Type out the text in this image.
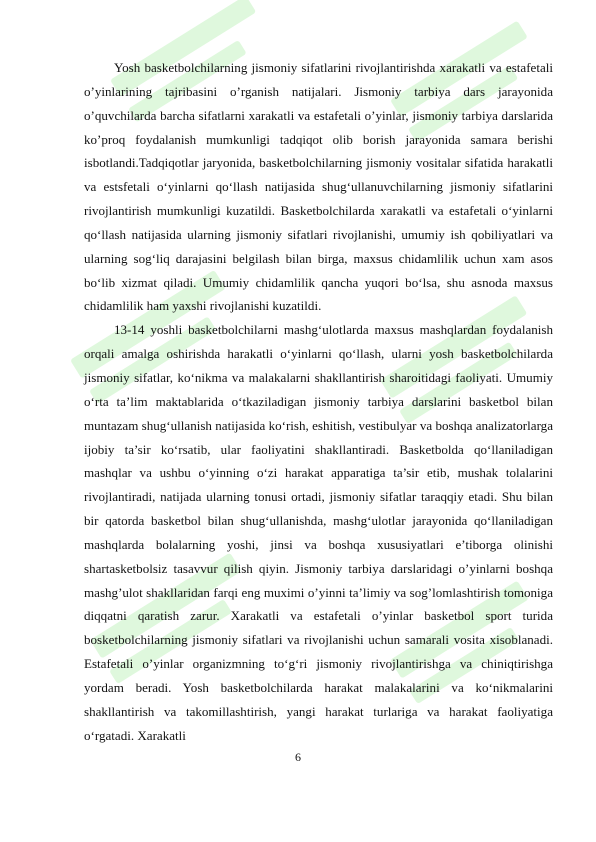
Yosh basketbolchilarning jismoniy sifatlarini rivojlantirishda xarakatli va estafetali o’yinlarining tajribasini o’rganish natijalari. Jismoniy tarbiya dars jarayonida o’quvchilarda barcha sifatlarni xarakatli va estafetali o’yinlar, jismoniy tarbiya darslarida ko’proq foydalanish mumkunligi tadqiqot olib borish jarayonida samara berishi isbotlandi.Tadqiqotlar jaryonida, basketbolchilarning jismoniy vositalar sifatida harakatli va estsfetali o‘yinlarni qo‘llash natijasida shug‘ullanuvchilarning jismoniy sifatlarini rivojlantirish mumkunligi kuzatildi. Basketbolchilarda xarakatli va estafetali o‘yinlarni qo‘llash natijasida ularning jismoniy sifatlari rivojlanishi, umumiy ish qobiliyatlari va ularning sog‘liq darajasini belgilash bilan birga, maxsus chidamlilik uchun xam asos bo‘lib xizmat qiladi. Umumiy chidamlilik qancha yuqori bo‘lsa, shu asnoda maxsus chidamlilik ham yaxshi rivojlanishi kuzatildi.

13-14 yoshli basketbolchilarni mashg‘ulotlarda maxsus mashqlardan foydalanish orqali amalga oshirishda harakatli o‘yinlarni qo‘llash, ularni yosh basketbolchilarda jismoniy sifatlar, ko‘nikma va malakalarni shakllantirish sharoitidagi faoliyati. Umumiy o‘rta ta’lim maktablarida o‘tkaziladigan jismoniy tarbiya darslarini basketbol bilan muntazam shug‘ullanish natijasida ko‘rish, eshitish, vestibulyar va boshqa analizatorlarga ijobiy ta’sir ko‘rsatib, ular faoliyatini shakllantiradi. Basketbolda qo‘llaniladigan mashqlar va ushbu o‘yinning o‘zi harakat apparatiga ta’sir etib, mushak tolalarini rivojlantiradi, natijada ularning tonusi ortadi, jismoniy sifatlar taraqqiy etadi. Shu bilan bir qatorda basketbol bilan shug‘ullanishda, mashg‘ulotlar jarayonida qo‘llaniladigan mashqlarda bolalarning yoshi, jinsi va boshqa xususiyatlari e’tiborga olinishi shartasketbolsiz tasavvur qilish qiyin. Jismoniy tarbiya darslaridagi o’yinlarni boshqa mashg’ulot shakllaridan farqi eng muximi o’yinni ta’limiy va sog’lomlashtirish tomoniga diqqatni qaratish zarur. Xarakatli va estafetali o’yinlar basketbol sport turida bosketbolchilarning jismoniy sifatlari va rivojlanishi uchun samarali vosita xisoblanadi. Estafetali o’yinlar organizmning to‘g‘ri jismoniy rivojlantirishga va chiniqtirishga yordam beradi. Yosh basketbolchilarda harakat malakalarini va ko‘nikmalarini shakllantirish va takomillashtirish, yangi harakat turlariga va harakat faoliyatiga o‘rgatadi. Xarakatli

6
